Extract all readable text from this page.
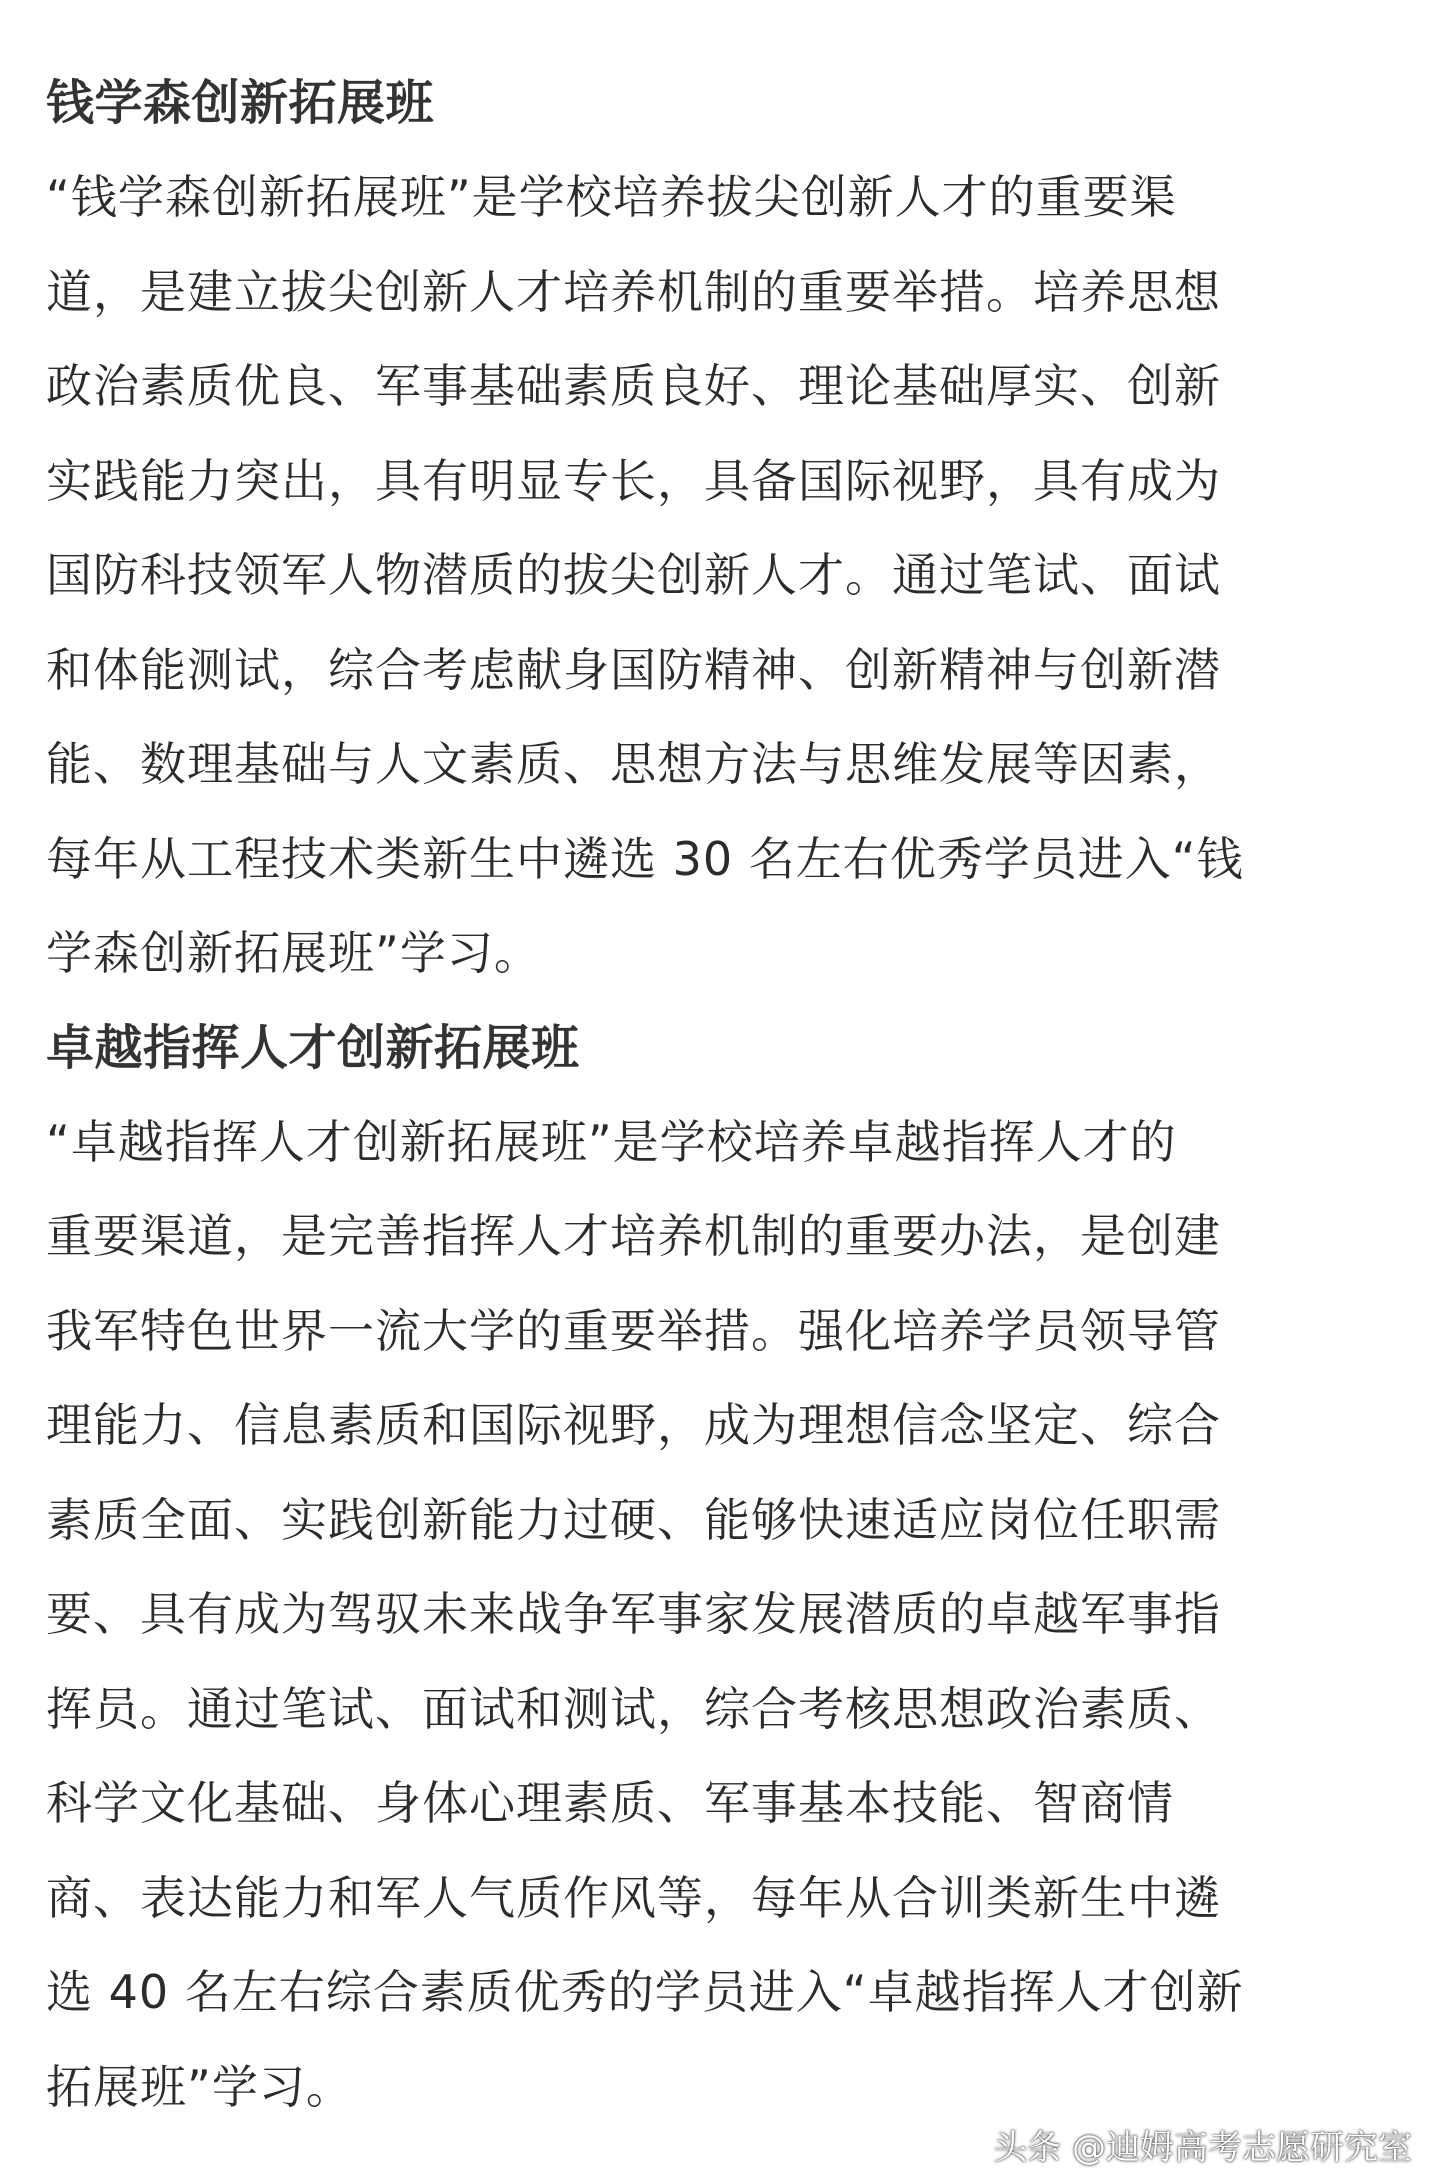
钱学森创新拓展班

“钱学森创新拓展班”是学校培养拔尖创新人才的重要渠
道，是建立拔尖创新人才培养机制的重要举措。培养思想
政治素质优良、军事基础素质良好、理论基础厚实、创新
实践能力突出，具有明显专长，具备国际视野，具有成为
国防科技领军人物潜质的拔尖创新人才。通过笔试、面试
和体能测试，综合考虑献身国防精神、创新精神与创新潜
能、数理基础与人文素质、思想方法与思维发展等因素，
每年从工程技术类新生中遴选 30 名左右优秀学员进入“钱
学森创新拓展班”学习。

卓越指挥人才创新拓展班

“卓越指挥人才创新拓展班”是学校培养卓越指挥人才的
重要渠道，是完善指挥人才培养机制的重要办法，是创建
我军特色世界一流大学的重要举措。强化培养学员领导管
理能力、信息素质和国际视野，成为理想信念坚定、综合
素质全面、实践创新能力过硬、能够快速适应岗位任职需
要、具有成为驾驭未来战争军事家发展潜质的卓越军事指
挥员。通过笔试、面试和测试，综合考核思想政治素质、
科学文化基础、身体心理素质、军事基本技能、智商情
商、表达能力和军人气质作风等，每年从合训类新生中遴
选 40 名左右综合素质优秀的学员进入“卓越指挥人才创新
拓展班”学习。

头条 @迪姆高考志愿研究室
